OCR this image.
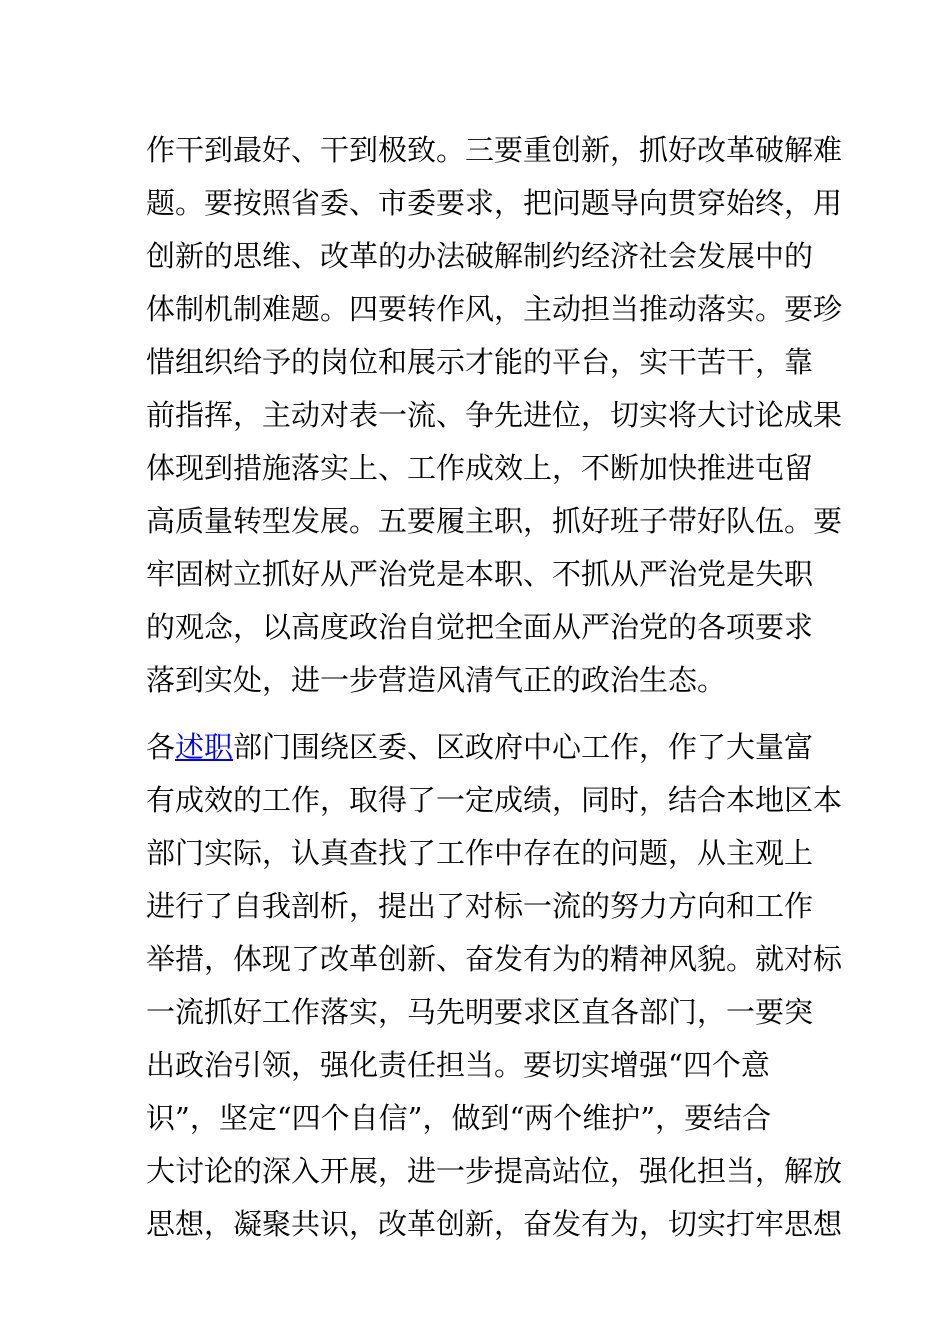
作干到最好、干到极致。三要重创新，抓好改革破解难
题。要按照省委、市委要求，把问题导向贯穿始终，用
创新的思维、改革的办法破解制约经济社会发展中的
体制机制难题。四要转作风，主动担当推动落实。要珍
惜组织给予的岗位和展示才能的平台，实干苦干，靠
前指挥，主动对表一流、争先进位，切实将大讨论成果
体现到措施落实上、工作成效上，不断加快推进屯留
高质量转型发展。五要履主职，抓好班子带好队伍。要
牢固树立抓好从严治党是本职、不抓从严治党是失职
的观念，以高度政治自觉把全面从严治党的各项要求
落到实处，进一步营造风清气正的政治生态。
各述职部门围绕区委、区政府中心工作，作了大量富
有成效的工作，取得了一定成绩，同时，结合本地区本
部门实际，认真查找了工作中存在的问题，从主观上
进行了自我剖析，提出了对标一流的努力方向和工作
举措，体现了改革创新、奋发有为的精神风貌。就对标
一流抓好工作落实，马先明要求区直各部门，一要突
出政治引领，强化责任担当。要切实增强“四个意
识”，坚定“四个自信”，做到“两个维护”，要结合
大讨论的深入开展，进一步提高站位，强化担当，解放
思想，凝聚共识，改革创新，奋发有为，切实打牢思想
